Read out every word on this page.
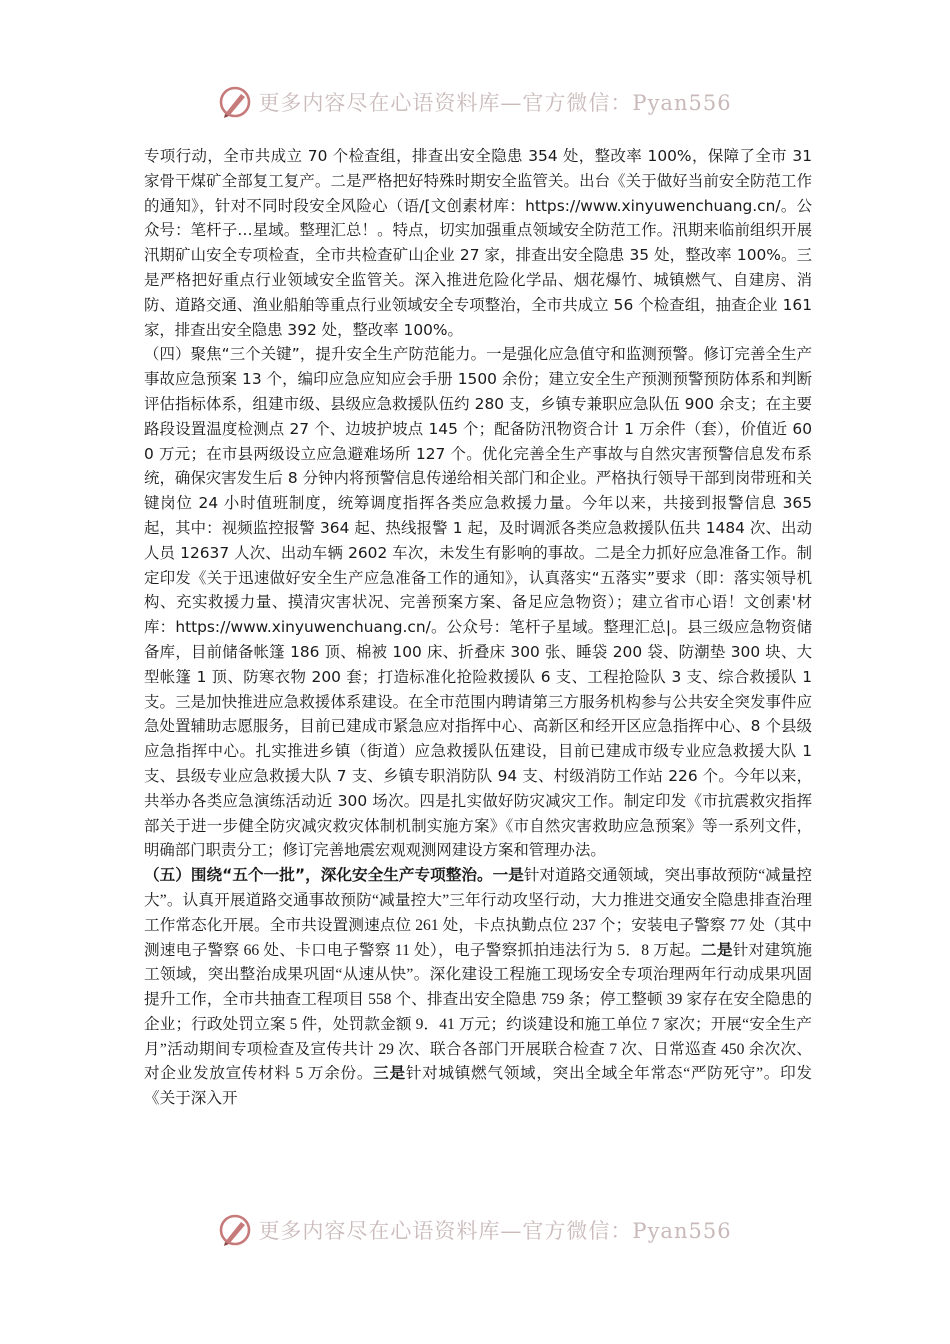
更多内容尽在心语资料库—官方微信：Pyan556

专项行动，全市共成立 70 个检查组，排查出安全隐患 354 处，整改率 100%，保障了全市 31 家骨干煤矿全部复工复产。二是严格把好特殊时期安全监管关。出台《关于做好当前安全防范工作的通知》，针对不同时段安全风险心（语/[文创素材库：https://www.xinyuwenchuang.cn/。公众号：笔杆子…星域。整理汇总！。特点，切实加强重点领域安全防范工作。汛期来临前组织开展汛期矿山安全专项检查，全市共检查矿山企业 27 家，排查出安全隐患 35 处，整改率 100%。三是严格把好重点行业领域安全监管关。深入推进危险化学品、烟花爆竹、城镇燃气、自建房、消防、道路交通、渔业船舶等重点行业领域安全专项整治，全市共成立 56 个检查组，抽查企业 161 家，排查出安全隐患 392 处，整改率 100%。

（四）聚焦“三个关键”，提升安全生产防范能力。一是强化应急值守和监测预警。修订完善全生产事故应急预案 13 个，编印应急应知应会手册 1500 余份；建立安全生产预测预警预防体系和判断评估指标体系，组建市级、县级应急救援队伍约 280 支，乡镇专兼职应急队伍 900 余支；在主要路段设置温度检测点 27 个、边坡护坡点 145 个；配备防汛物资合计 1 万余件（套），价值近 600 万元；在市县两级设立应急避难场所 127 个。优化完善全生产事故与自然灾害预警信息发布系统，确保灾害发生后 8 分钟内将预警信息传递给相关部门和企业。严格执行领导干部到岗带班和关键岗位 24 小时值班制度，统筹调度指挥各类应急救援力量。今年以来，共接到报警信息 365 起，其中：视频监控报警 364 起、热线报警 1 起，及时调派各类应急救援队伍共 1484 次、出动人员 12637 人次、出动车辆 2602 车次，未发生有影响的事故。二是全力抓好应急准备工作。制定印发《关于迅速做好安全生产应急准备工作的通知》，认真落实“五落实”要求（即：落实领导机构、充实救援力量、摸清灾害状况、完善预案方案、备足应急物资）；建立省市心语！文创素'材库：https://www.xinyuwenchuang.cn/。公众号：笔杆子星域。整理汇总|。县三级应急物资储备库，目前储备帐篷 186 顶、棉被 100 床、折叠床 300 张、睡袋 200 袋、防潮垫 300 块、大型帐篷 1 顶、防寒衣物 200 套；打造标准化抢险救援队 6 支、工程抢险队 3 支、综合救援队 1 支。三是加快推进应急救援体系建设。在全市范围内聘请第三方服务机构参与公共安全突发事件应急处置辅助志愿服务，目前已建成市紧急应对指挥中心、高新区和经开区应急指挥中心、8 个县级应急指挥中心。扎实推进乡镇（街道）应急救援队伍建设，目前已建成市级专业应急救援大队 1 支、县级专业应急救援大队 7 支、乡镇专职消防队 94 支、村级消防工作站 226 个。今年以来，共举办各类应急演练活动近 300 场次。四是扎实做好防灾减灾工作。制定印发《市抗震救灾指挥部关于进一步健全防灾减灾救灾体制机制实施方案》《市自然灾害救助应急预案》等一系列文件，明确部门职责分工；修订完善地震宏观观测网建设方案和管理办法。

（五）围绕“五个一批”，深化安全生产专项整治。一是针对道路交通领域，突出事故预防“减量控大”。认真开展道路交通事故预防“减量控大”三年行动攻坚行动，大力推进交通安全隐患排查治理工作常态化开展。全市共设置测速点位 261 处，卡点执勤点位 237 个；安装电子警察 77 处（其中测速电子警察 66 处、卡口电子警察 11 处），电子警察抓拍违法行为 5．8 万起。二是针对建筑施工领域，突出整治成果巩固“从速从快”。深化建设工程施工现场安全专项治理两年行动成果巩固提升工作，全市共抽查工程项目 558 个、排查出安全隐患 759 条；停工整顿 39 家存在安全隐患的企业；行政处罚立案 5 件，处罚款金额 9．41 万元；约谈建设和施工单位 7 家次；开展“安全生产月”活动期间专项检查及宣传共计 29 次、联合各部门开展联合检查 7 次、日常巡查 450 余次次、对企业发放宣传材料 5 万余份。三是针对城镇燃气领域，突出全域全年常态“严防死守”。印发《关于深入开

更多内容尽在心语资料库—官方微信：Pyan556
